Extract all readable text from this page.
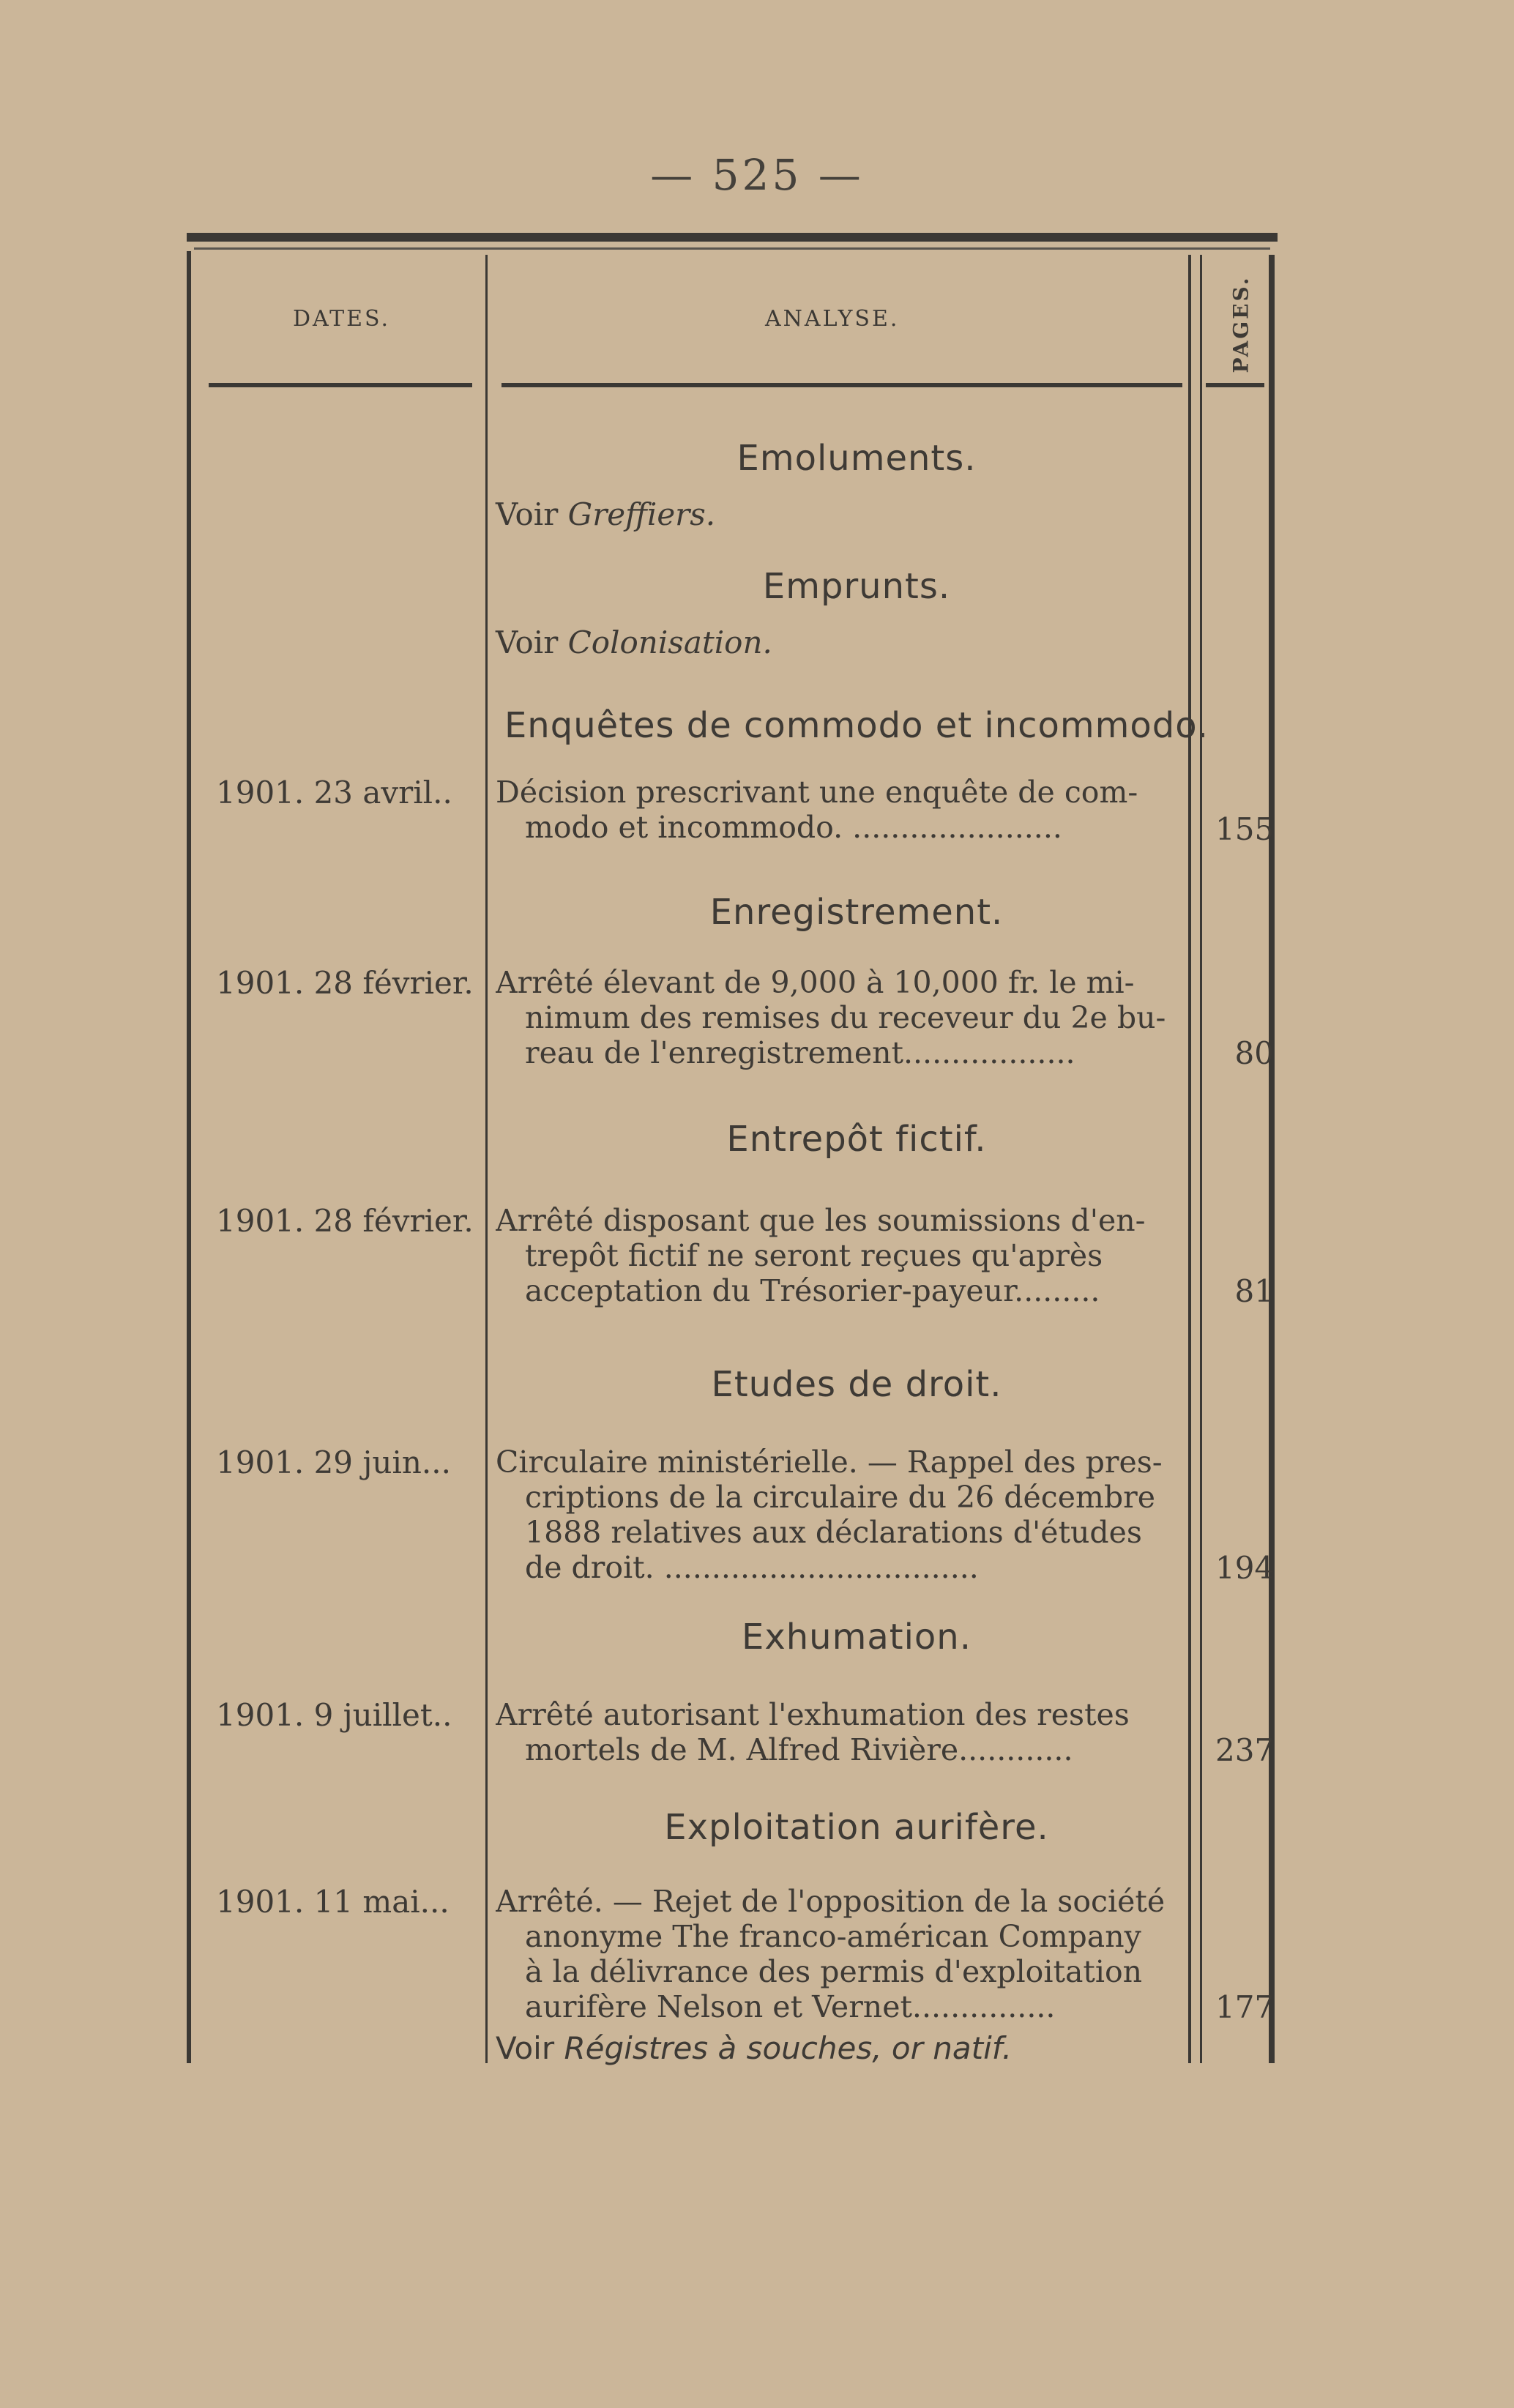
— 525 —
DATES.	ANALYSE.	PAGES.
Emoluments.
Voir Greffiers.
Emprunts.
Voir Colonisation.
Enquêtes de commodo et incommodo.
1901. 23 avril..	Décision prescrivant une enquête de com-
modo et incommodo. ......................	155
Enregistrement.
1901. 28 février. Arrêté élevant de 9,000 à 10,000 fr. le mi-
nimum des remises du receveur du 2e bu-
reau de l'enregistrement..................	80
Entrepôt fictif.
1901. 28 février. Arrêté disposant que les soumissions d'en-
trepôt fictif ne seront reçues qu'après
acceptation du Trésorier-payeur.........	81
Etudes de droit.
1901. 29 juin...	Circulaire ministérielle. — Rappel des pres-
criptions de la circulaire du 26 décembre
1888 relatives aux déclarations d'études
de droit. .................................	194
Exhumation.
1901. 9 juillet..	Arrêté autorisant l'exhumation des restes
mortels de M. Alfred Rivière............	237
Exploitation aurifère.
1901. 11 mai...	Arrêté. — Rejet de l'opposition de la société
anonyme The franco-américan Company
à la délivrance des permis d'exploitation
aurifère Nelson et Vernet...............	177
Voir Régistres à souches, or natif.
